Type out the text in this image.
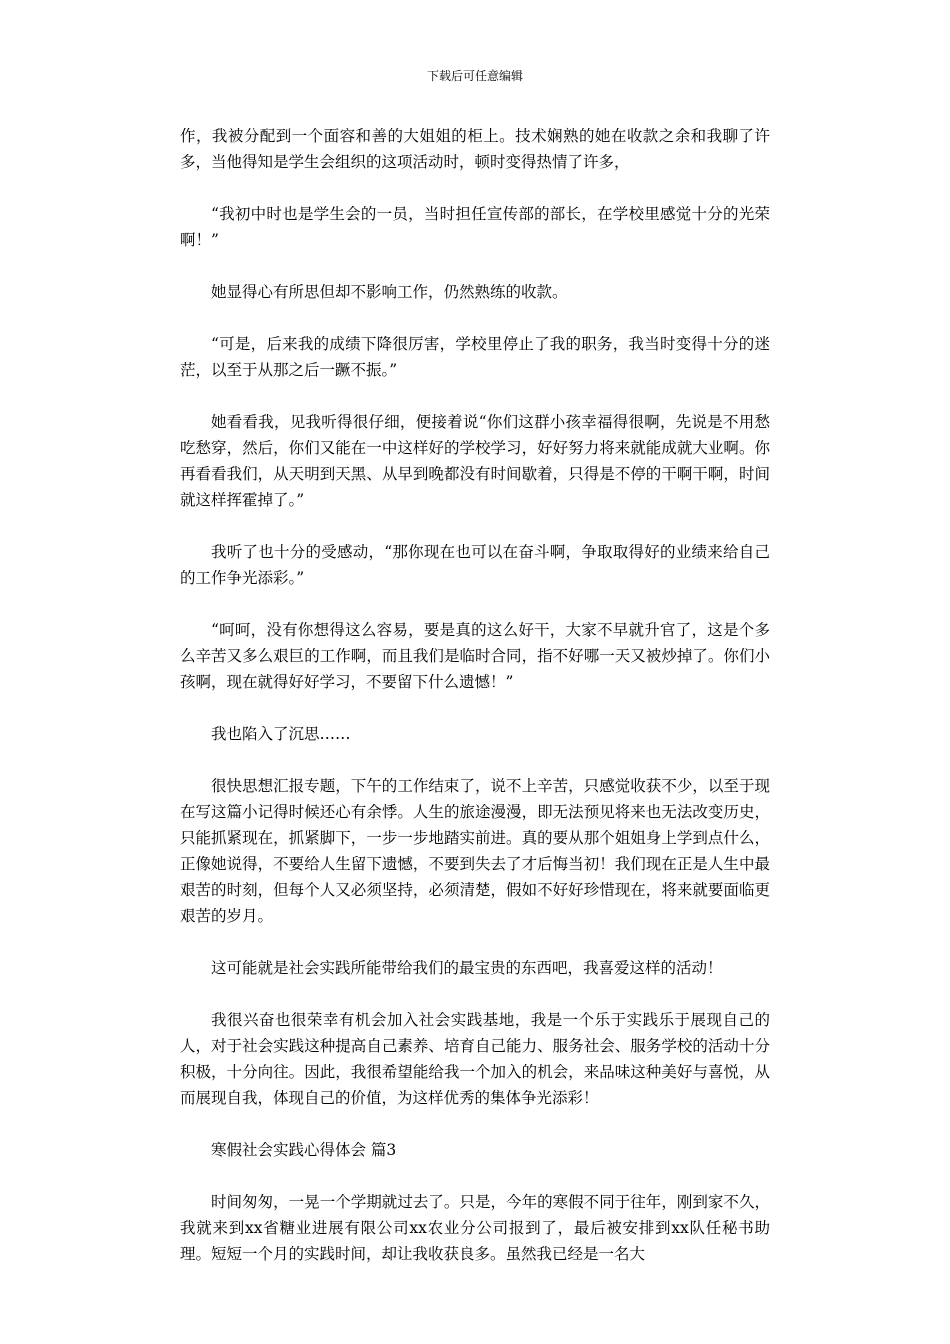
下载后可任意编辑

作，我被分配到一个面容和善的大姐姐的柜上。技术娴熟的她在收款之余和我聊了许多，当他得知是学生会组织的这项活动时，顿时变得热情了许多，

“我初中时也是学生会的一员，当时担任宣传部的部长，在学校里感觉十分的光荣啊！”

她显得心有所思但却不影响工作，仍然熟练的收款。

“可是，后来我的成绩下降很厉害，学校里停止了我的职务，我当时变得十分的迷茫，以至于从那之后一蹶不振。”

她看看我，见我听得很仔细，便接着说“你们这群小孩幸福得很啊，先说是不用愁吃愁穿，然后，你们又能在一中这样好的学校学习，好好努力将来就能成就大业啊。你再看看我们，从天明到天黑、从早到晚都没有时间歇着，只得是不停的干啊干啊，时间就这样挥霍掉了。”

我听了也十分的受感动，“那你现在也可以在奋斗啊，争取取得好的业绩来给自己的工作争光添彩。”

“呵呵，没有你想得这么容易，要是真的这么好干，大家不早就升官了，这是个多么辛苦又多么艰巨的工作啊，而且我们是临时合同，指不好哪一天又被炒掉了。你们小孩啊，现在就得好好学习，不要留下什么遗憾！”

我也陷入了沉思……

很快思想汇报专题，下午的工作结束了，说不上辛苦，只感觉收获不少，以至于现在写这篇小记得时候还心有余悸。人生的旅途漫漫，即无法预见将来也无法改变历史，只能抓紧现在，抓紧脚下，一步一步地踏实前进。真的要从那个姐姐身上学到点什么，正像她说得，不要给人生留下遗憾，不要到失去了才后悔当初！我们现在正是人生中最艰苦的时刻，但每个人又必须坚持，必须清楚，假如不好好珍惜现在，将来就要面临更艰苦的岁月。

这可能就是社会实践所能带给我们的最宝贵的东西吧，我喜爱这样的活动！

我很兴奋也很荣幸有机会加入社会实践基地，我是一个乐于实践乐于展现自己的人，对于社会实践这种提高自己素养、培育自己能力、服务社会、服务学校的活动十分积极，十分向往。因此，我很希望能给我一个加入的机会，来品味这种美好与喜悦，从而展现自我，体现自己的价值，为这样优秀的集体争光添彩！

寒假社会实践心得体会 篇3

时间匆匆，一晃一个学期就过去了。只是，今年的寒假不同于往年，刚到家不久，我就来到xx省糖业进展有限公司xx农业分公司报到了，最后被安排到xx队任秘书助理。短短一个月的实践时间，却让我收获良多。虽然我已经是一名大
